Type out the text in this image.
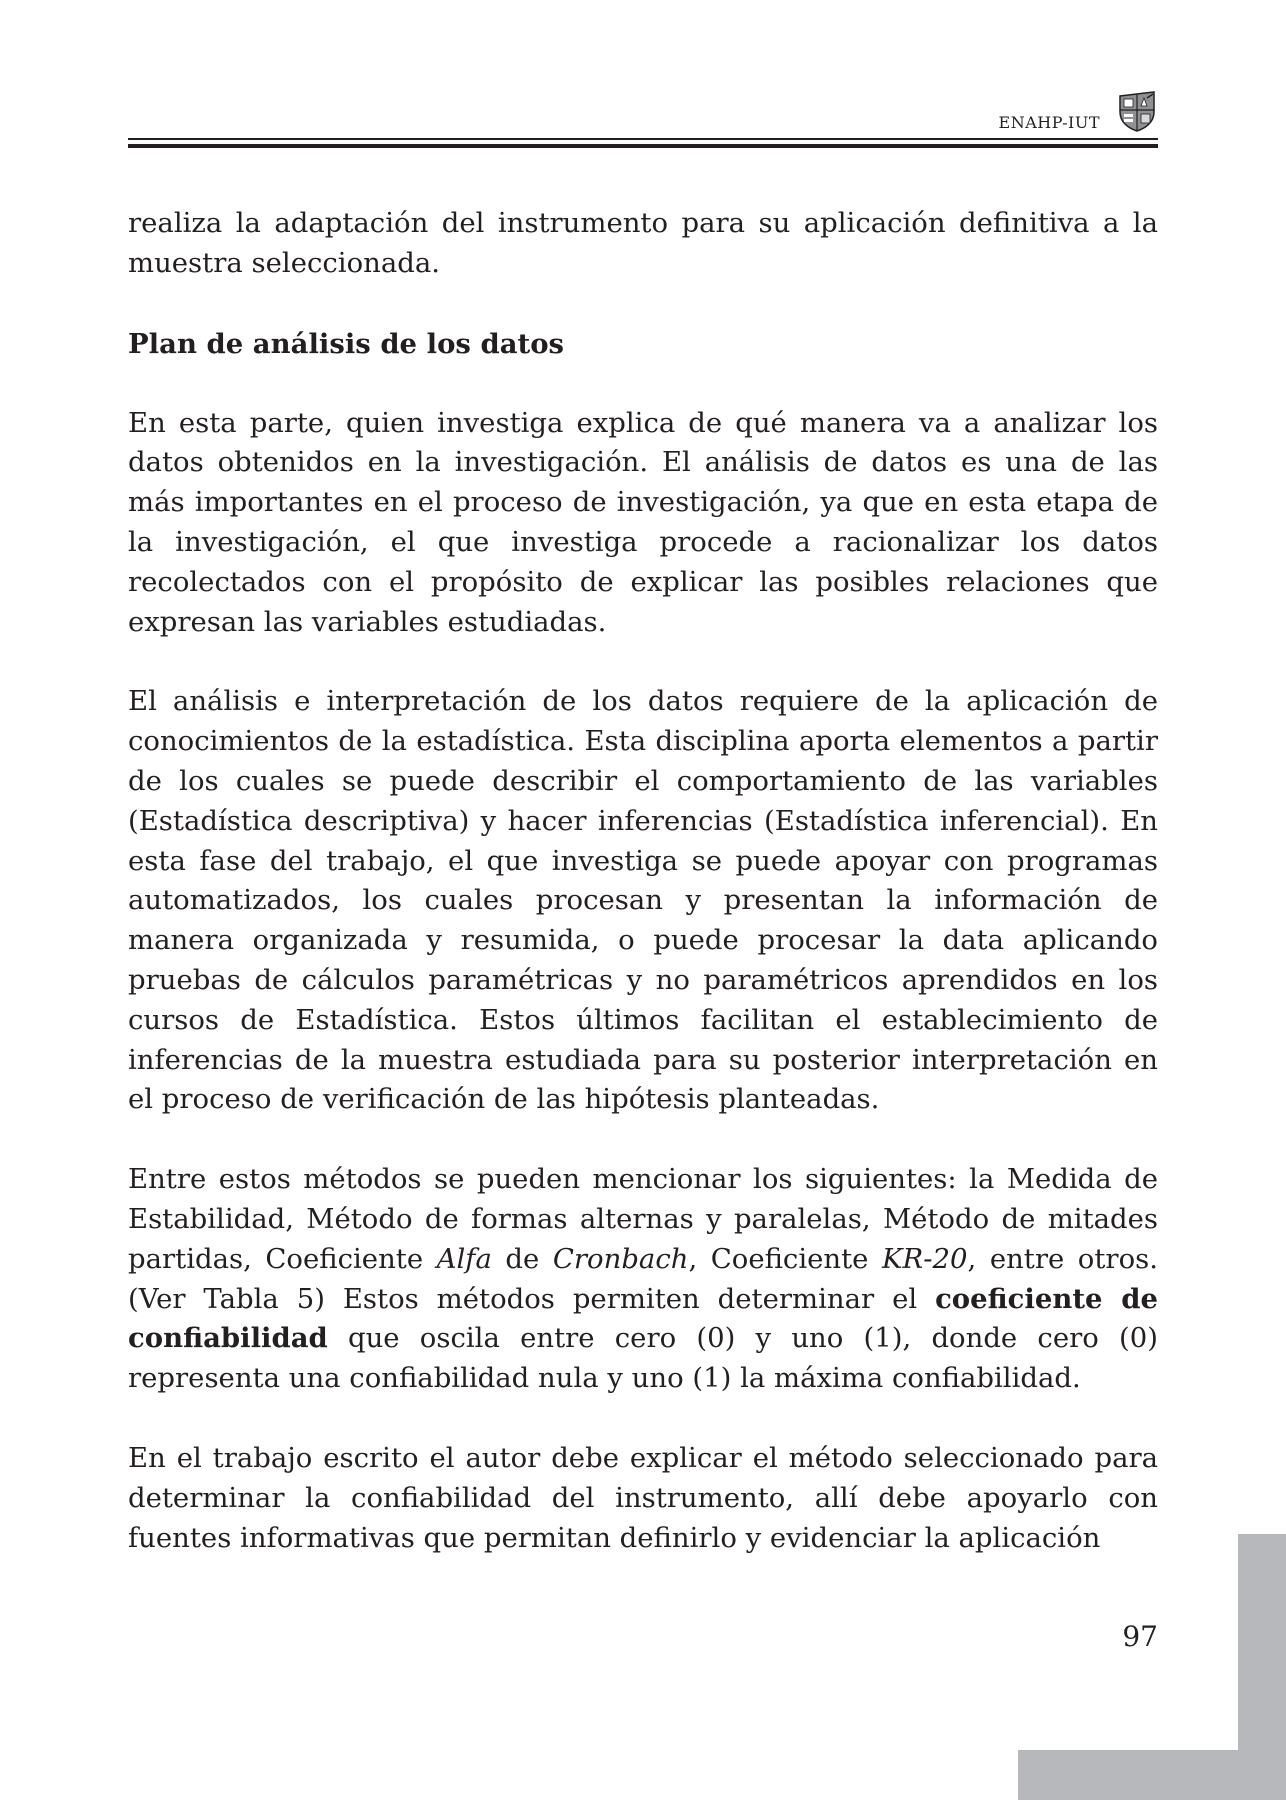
ENAHP-IUT

realiza la adaptación del instrumento para su aplicación definitiva a la muestra seleccionada.

Plan de análisis de los datos

En esta parte, quien investiga explica de qué manera va a analizar los datos obtenidos en la investigación. El análisis de datos es una de las más importantes en el proceso de investigación, ya que en esta etapa de la investigación, el que investiga procede a racionalizar los datos recolectados con el propósito de explicar las posibles relaciones que expresan las variables estudiadas.

El análisis e interpretación de los datos requiere de la aplicación de conocimientos de la estadística. Esta disciplina aporta elementos a partir de los cuales se puede describir el comportamiento de las variables (Estadística descriptiva) y hacer inferencias (Estadística inferencial). En esta fase del trabajo, el que investiga se puede apoyar con programas automatizados, los cuales procesan y presentan la información de manera organizada y resumida, o puede procesar la data aplicando pruebas de cálculos paramétricas y no paramétricos aprendidos en los cursos de Estadística. Estos últimos facilitan el establecimiento de inferencias de la muestra estudiada para su posterior interpretación en el proceso de verificación de las hipótesis planteadas.

Entre estos métodos se pueden mencionar los siguientes: la Medida de Estabilidad, Método de formas alternas y paralelas, Método de mitades partidas, Coeficiente Alfa de Cronbach, Coeficiente KR-20, entre otros. (Ver Tabla 5) Estos métodos permiten determinar el coeficiente de confiabilidad que oscila entre cero (0) y uno (1), donde cero (0) representa una confiabilidad nula y uno (1) la máxima confiabilidad.

En el trabajo escrito el autor debe explicar el método seleccionado para determinar la confiabilidad del instrumento, allí debe apoyarlo con fuentes informativas que permitan definirlo y evidenciar la aplicación

97
